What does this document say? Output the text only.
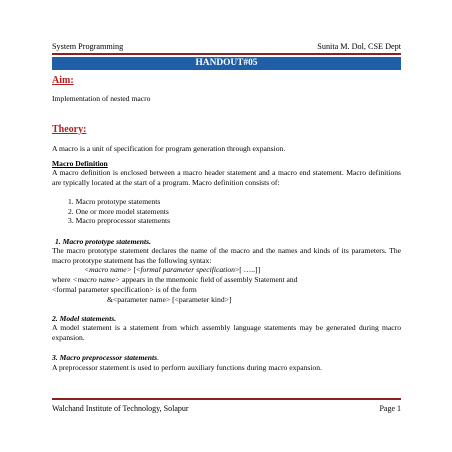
System Programming	Sunita M. Dol, CSE Dept
HANDOUT#05
Aim:
Implementation of nested macro
Theory:
A macro is a unit of specification for program generation through expansion.
Macro Definition
A macro definition is enclosed between a macro header statement and a macro end statement. Macro definitions are typically located at the start of a program. Macro definition consists of:
1. Macro prototype statements
2. One or more model statements
3. Macro preprocessor statements
1. Macro prototype statements.
The macro prototype statement declares the name of the macro and the names and kinds of its parameters. The macro prototype statement has the following syntax:
<macro name> [<formal parameter specification>[ …..]]
where <macro name> appears in the mnemonic field of assembly Statement and
<formal parameter specification> is of the form
&<parameter name> [<parameter kind>]
2. Model statements.
A model statement is a statement from which assembly language statements may be generated during macro expansion.
3. Macro preprocessor statements.
A preprocessor statement is used to perform auxiliary functions during macro expansion.
Walchand Institute of Technology, Solapur	Page 1
